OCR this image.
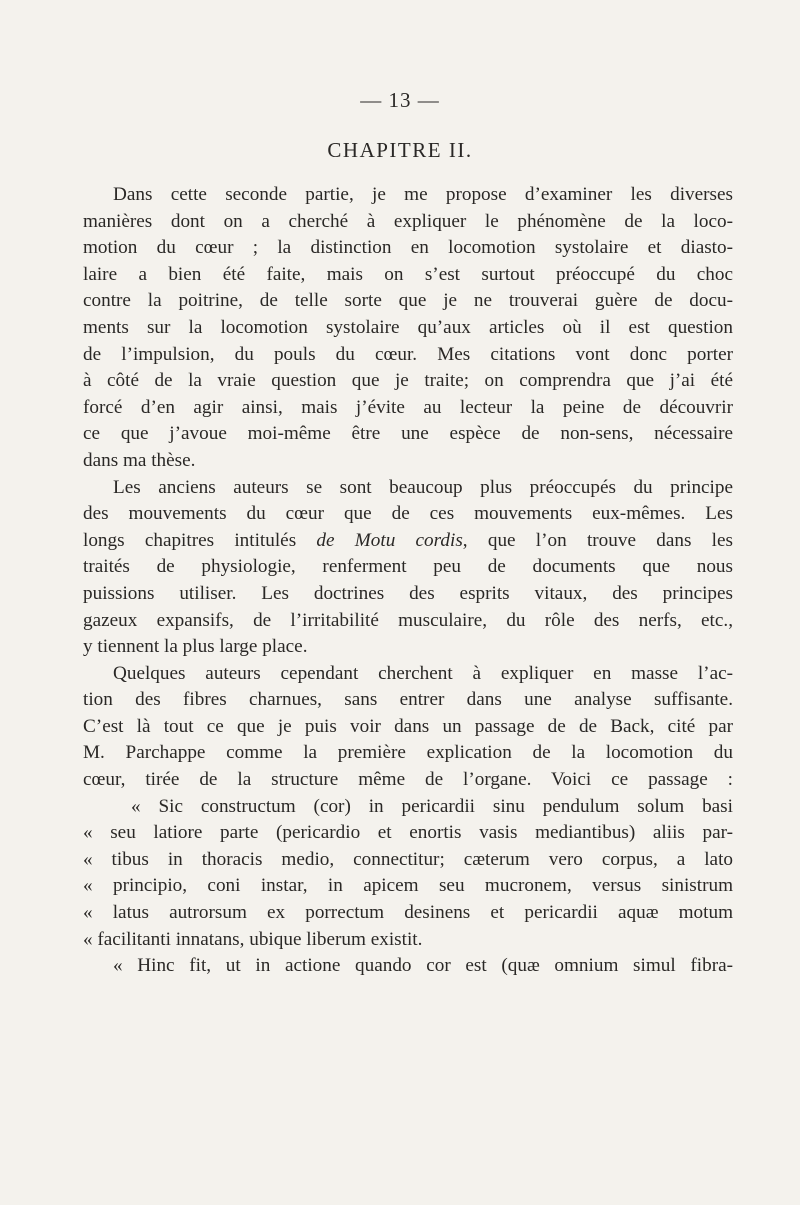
— 13 —
CHAPITRE II.
Dans cette seconde partie, je me propose d’examiner les diverses
manières dont on a cherché à expliquer le phénomène de la loco-
motion du cœur ; la distinction en locomotion systolaire et diasto-
laire a bien été faite, mais on s’est surtout préoccupé du choc
contre la poitrine, de telle sorte que je ne trouverai guère de docu-
ments sur la locomotion systolaire qu’aux articles où il est question
de l’impulsion, du pouls du cœur. Mes citations vont donc porter
à côté de la vraie question que je traite; on comprendra que j’ai été
forcé d’en agir ainsi, mais j’évite au lecteur la peine de découvrir
ce que j’avoue moi-même être une espèce de non-sens, nécessaire
dans ma thèse.
Les anciens auteurs se sont beaucoup plus préoccupés du principe
des mouvements du cœur que de ces mouvements eux-mêmes. Les
longs chapitres intitulés de Motu cordis, que l’on trouve dans les
traités de physiologie, renferment peu de documents que nous
puissions utiliser. Les doctrines des esprits vitaux, des principes
gazeux expansifs, de l’irritabilité musculaire, du rôle des nerfs, etc.,
y tiennent la plus large place.
Quelques auteurs cependant cherchent à expliquer en masse l’ac-
tion des fibres charnues, sans entrer dans une analyse suffisante.
C’est là tout ce que je puis voir dans un passage de de Back, cité par
M. Parchappe comme la première explication de la locomotion du
cœur, tirée de la structure même de l’organe. Voici ce passage :
« Sic constructum (cor) in pericardii sinu pendulum solum basi
« seu latiore parte (pericardio et enortis vasis mediantibus) aliis par-
« tibus in thoracis medio, connectitur; cæterum vero corpus, a lato
« principio, coni instar, in apicem seu mucronem, versus sinistrum
« latus autrorsum ex porrectum desinens et pericardii aquæ motum
« facilitanti innatans, ubique liberum existit.
« Hinc fit, ut in actione quando cor est (quæ omnium simul fibra-
